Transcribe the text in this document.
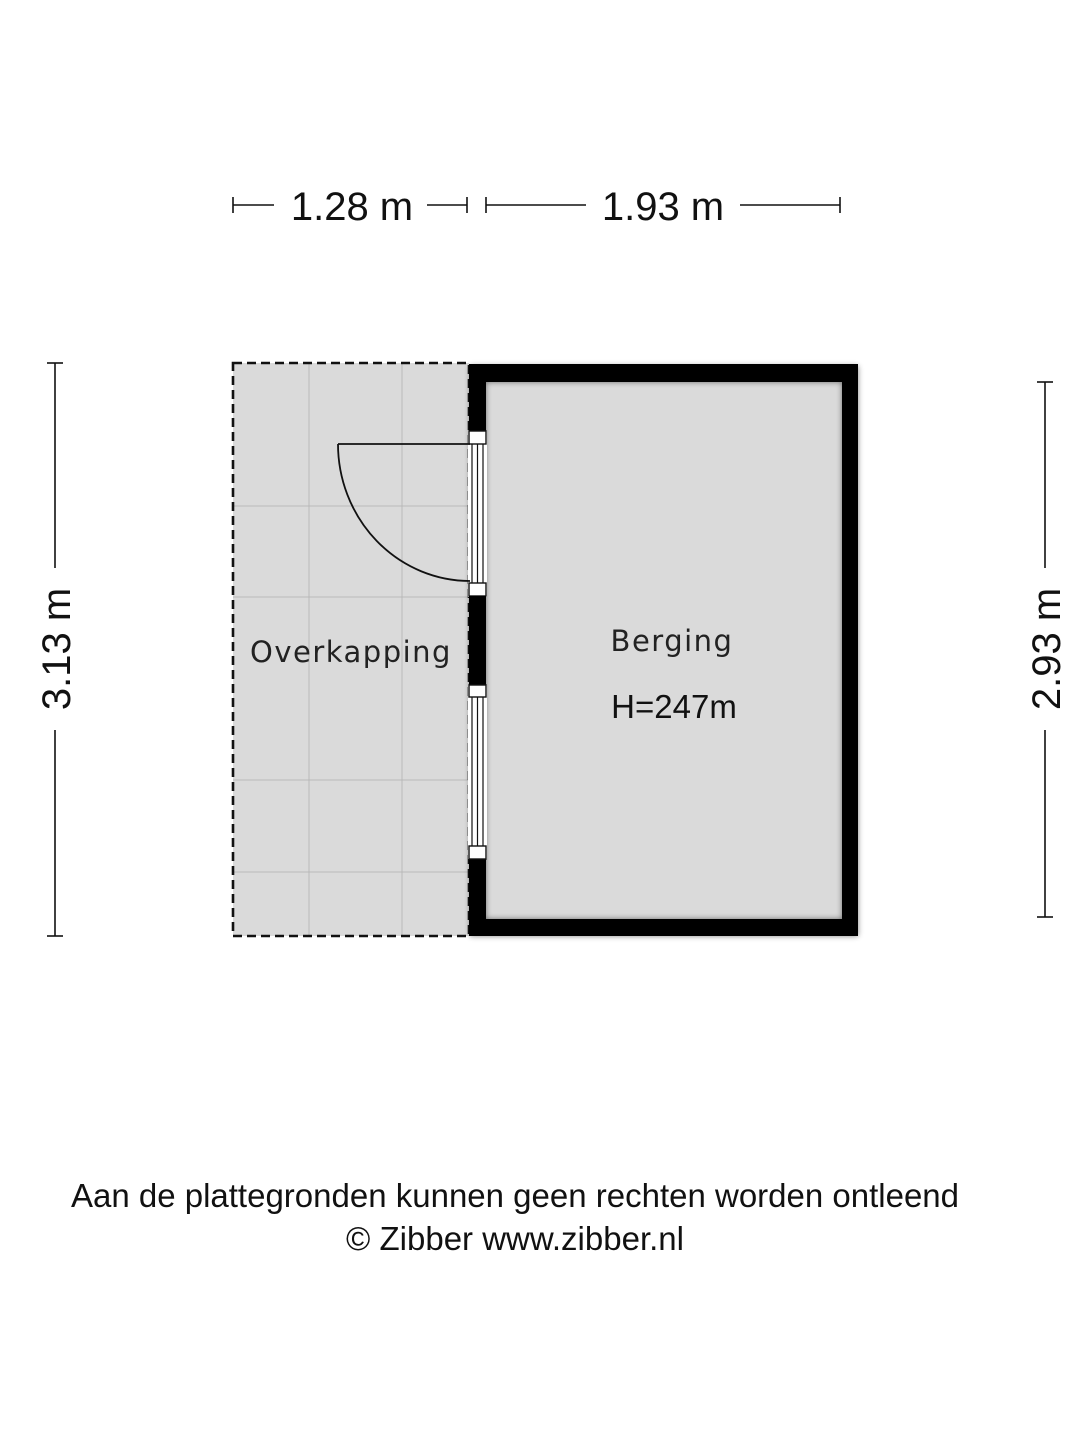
1.28 m	1.93 m
3.13 m	2.93 m
Overkapping	Berging
H=247m
Aan de plattegronden kunnen geen rechten worden ontleend
© Zibber www.zibber.nl
